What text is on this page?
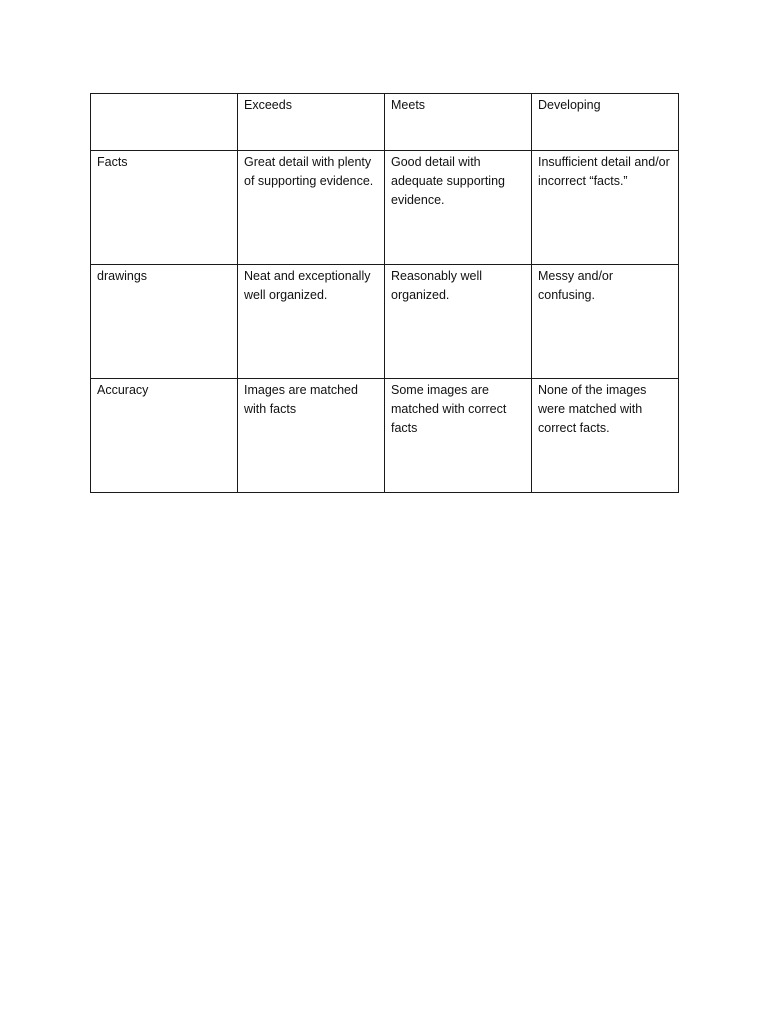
	Exceeds	Meets	Developing
Facts	Great detail with plenty of supporting evidence.	Good detail with adequate supporting evidence.	Insufficient detail and/or incorrect “facts.”
drawings	Neat and exceptionally well organized.	Reasonably well organized.	Messy and/or confusing.
Accuracy	Images are matched with facts	Some images are matched with correct facts	None of the images were matched with correct facts.
